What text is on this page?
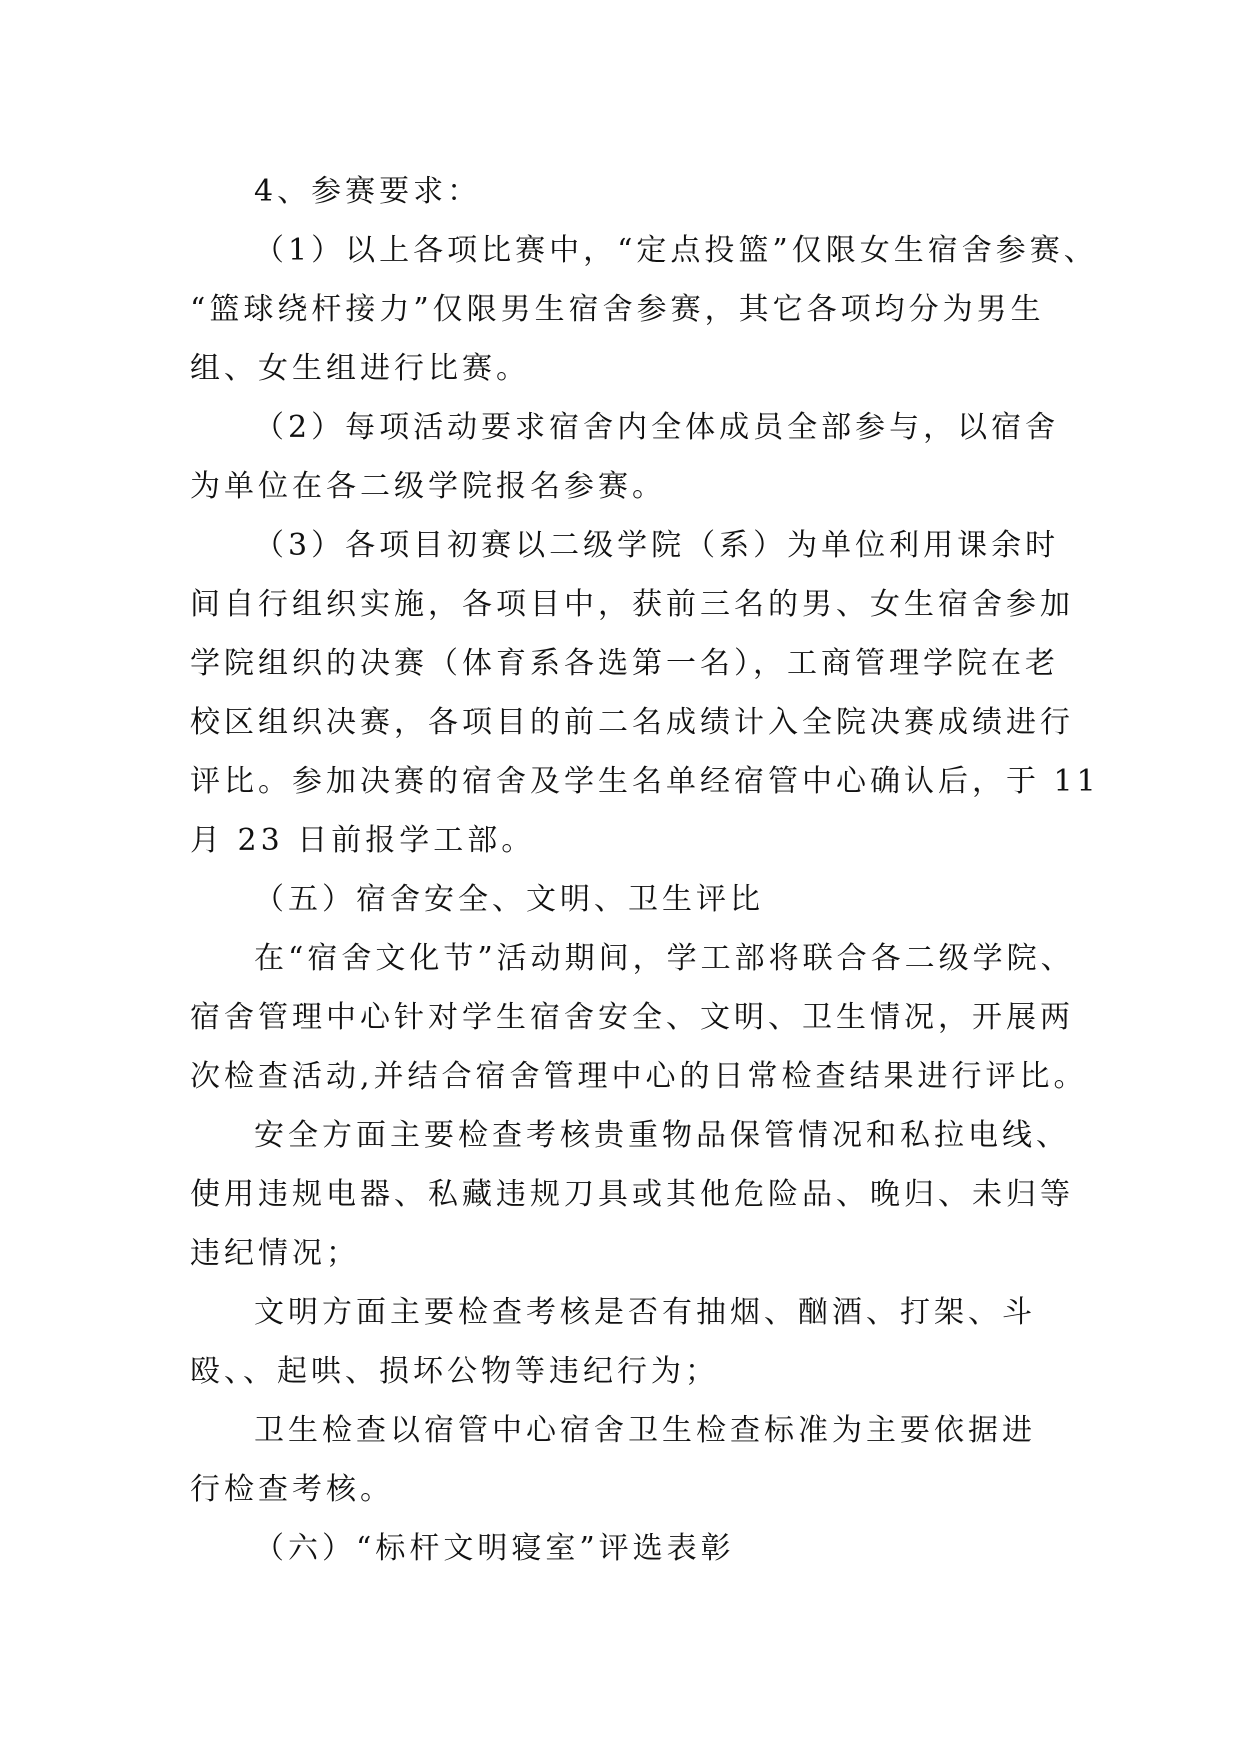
4、参赛要求：
（1）以上各项比赛中，“定点投篮”仅限女生宿舍参赛、
“篮球绕杆接力”仅限男生宿舍参赛，其它各项均分为男生
组、女生组进行比赛。
（2）每项活动要求宿舍内全体成员全部参与，以宿舍
为单位在各二级学院报名参赛。
（3）各项目初赛以二级学院（系）为单位利用课余时
间自行组织实施，各项目中，获前三名的男、女生宿舍参加
学院组织的决赛（体育系各选第一名），工商管理学院在老
校区组织决赛，各项目的前二名成绩计入全院决赛成绩进行
评比。参加决赛的宿舍及学生名单经宿管中心确认后，于 11
月 23 日前报学工部。
（五）宿舍安全、文明、卫生评比
在“宿舍文化节”活动期间，学工部将联合各二级学院、
宿舍管理中心针对学生宿舍安全、文明、卫生情况，开展两
次检查活动,并结合宿舍管理中心的日常检查结果进行评比。
安全方面主要检查考核贵重物品保管情况和私拉电线、
使用违规电器、私藏违规刀具或其他危险品、晚归、未归等
违纪情况；
文明方面主要检查考核是否有抽烟、酗酒、打架、斗
殴、、起哄、损坏公物等违纪行为；
卫生检查以宿管中心宿舍卫生检查标准为主要依据进
行检查考核。
（六）“标杆文明寝室”评选表彰
